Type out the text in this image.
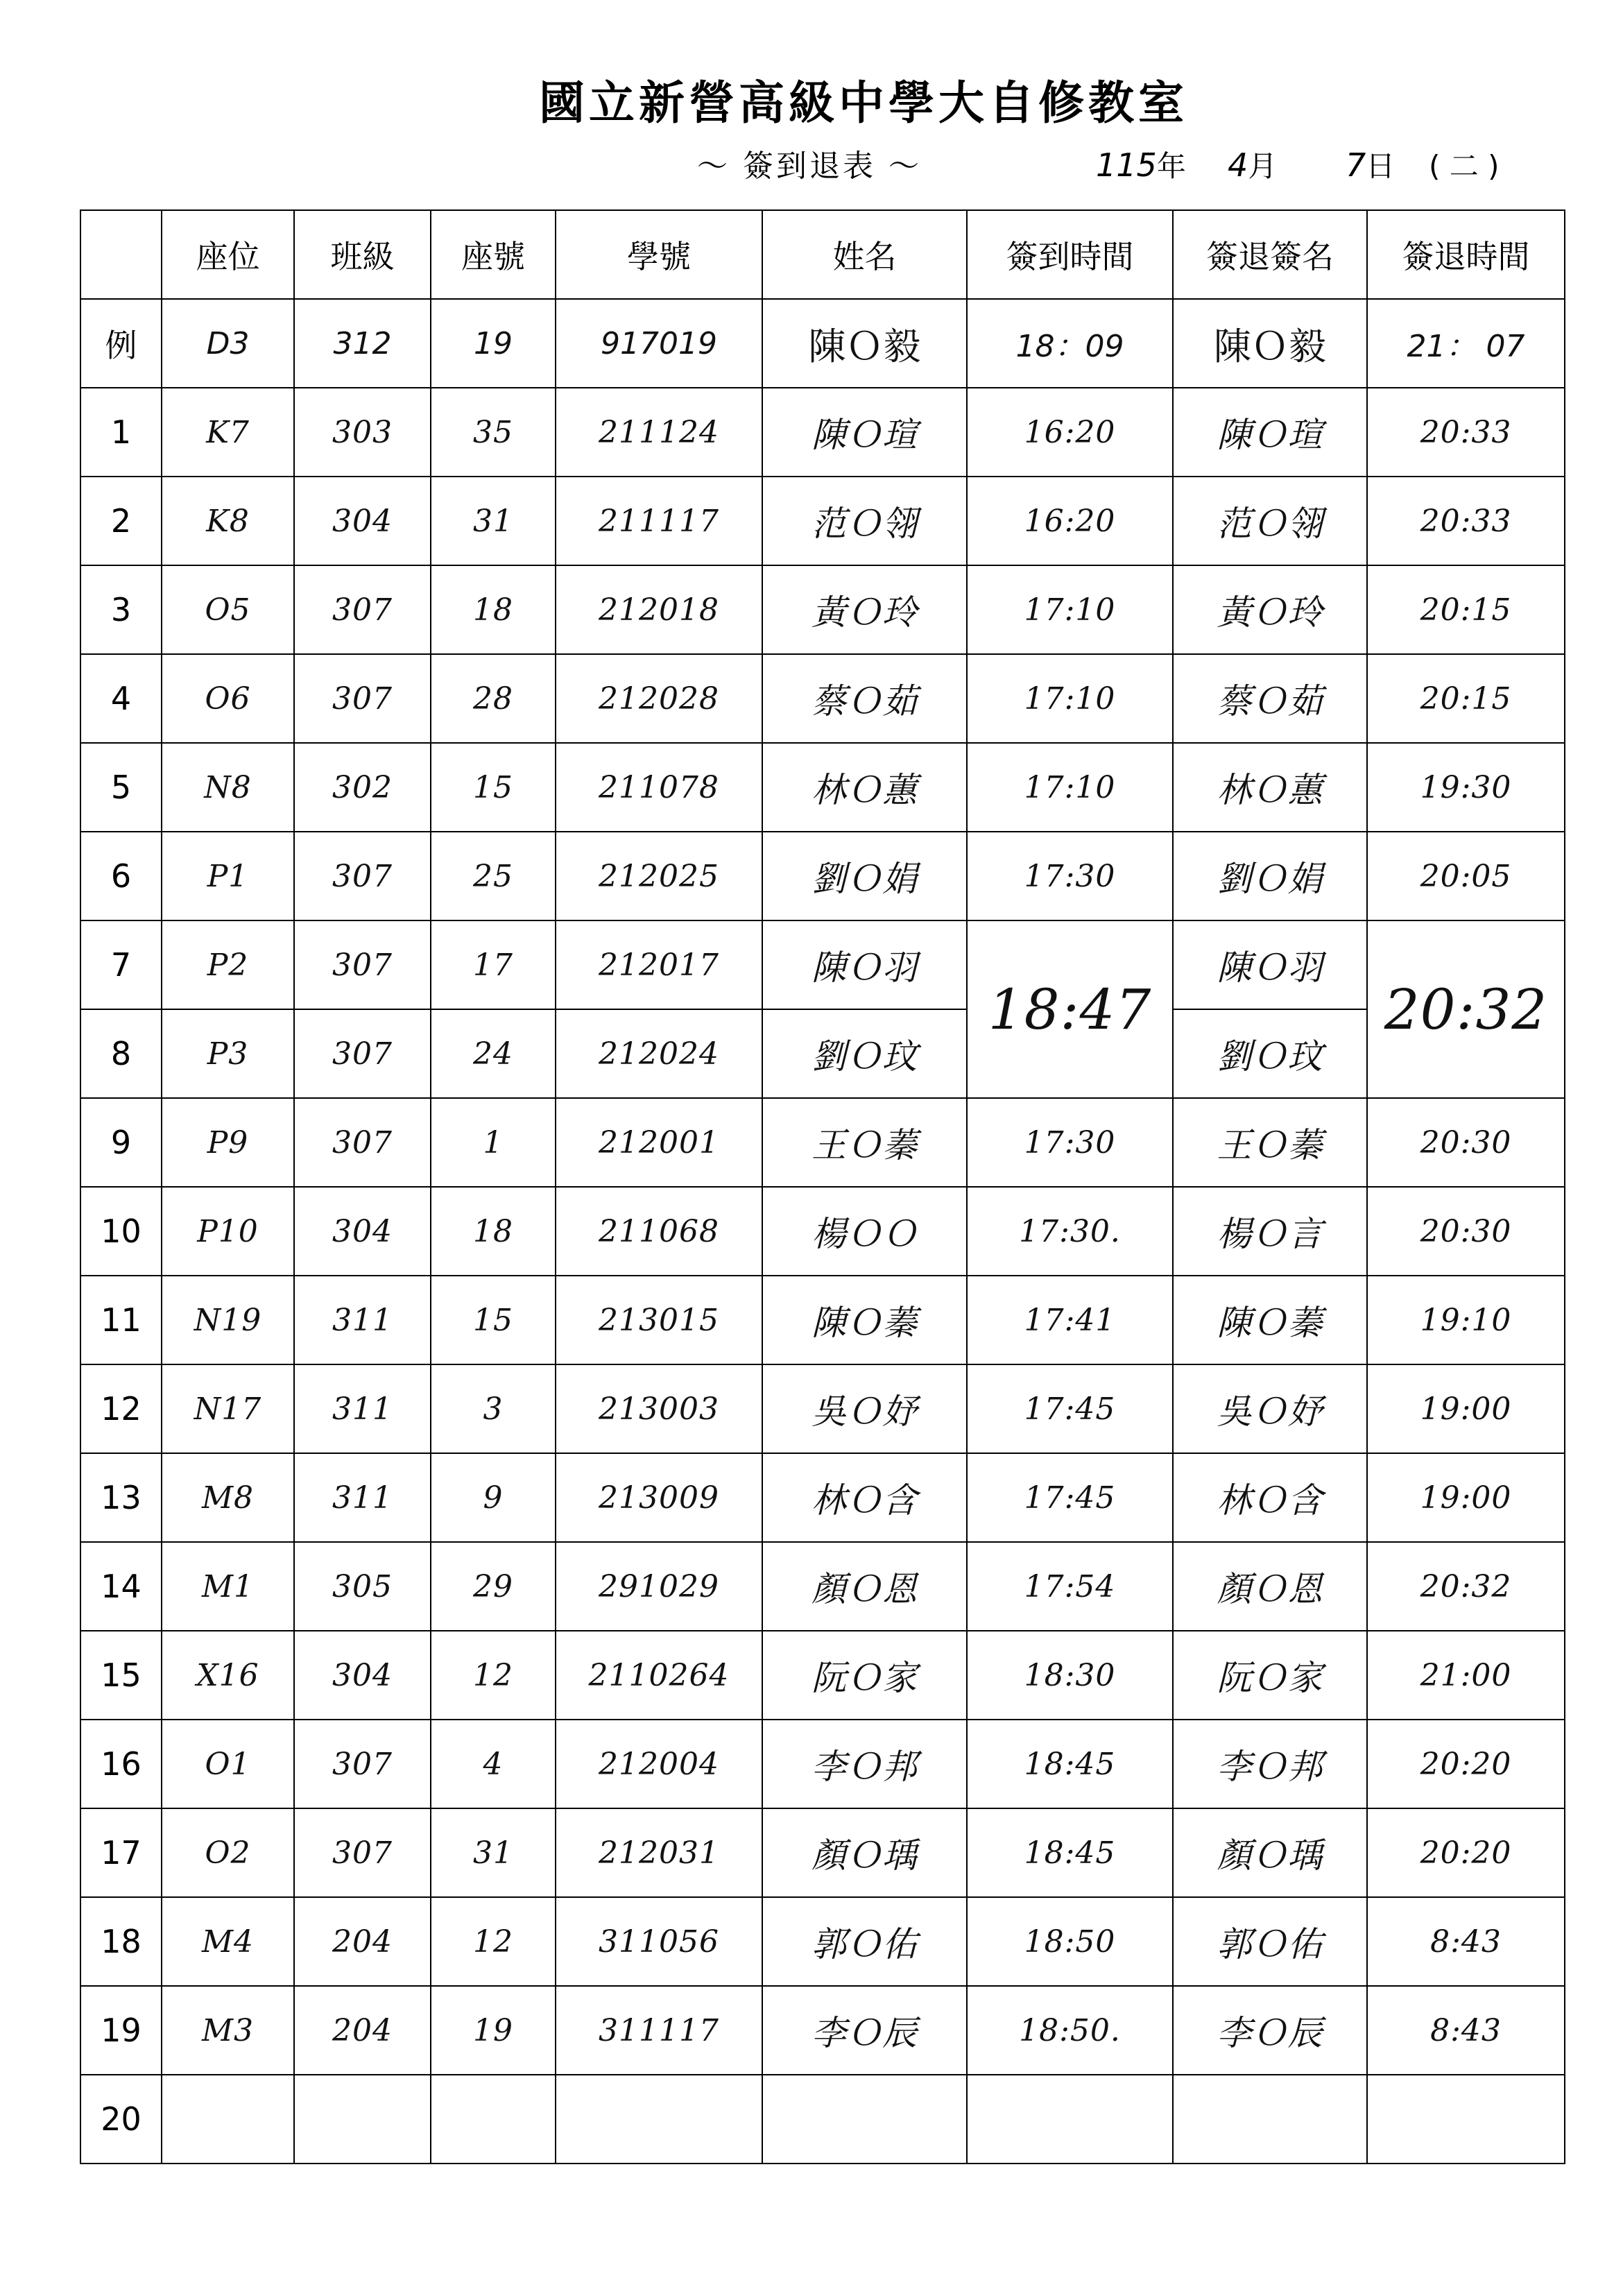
國立新營高級中學大自修教室
～ 簽到退表 ～	115年 4月 7日 ( 二 )
	座位	班級	座號	學號	姓名	簽到時間	簽退簽名	簽退時間
例	D3	312	19	917019	陳Ｏ毅	18：09	陳Ｏ毅	21： 07
1	K7	303	35	211124	陳Ｏ瑄	16:20	陳Ｏ瑄	20:33
2	K8	304	31	211117	范Ｏ翎	16:20	范Ｏ翎	20:33
3	O5	307	18	212018	黃Ｏ玲	17:10	黃Ｏ玲	20:15
4	O6	307	28	212028	蔡Ｏ茹	17:10	蔡Ｏ茹	20:15
5	N8	302	15	211078	林Ｏ蕙	17:10	林Ｏ蕙	19:30
6	P1	307	25	212025	劉Ｏ娟	17:30	劉Ｏ娟	20:05
7	P2	307	17	212017	陳Ｏ羽	18:47	陳Ｏ羽	20:32
8	P3	307	24	212024	劉Ｏ玟		劉Ｏ玟	
9	P9	307	1	212001	王Ｏ蓁	17:30	王Ｏ蓁	20:30
10	P10	304	18	211068	楊ＯＯ	17:30.	楊Ｏ言	20:30
11	N19	311	15	213015	陳Ｏ蓁	17:41	陳Ｏ蓁	19:10
12	N17	311	3	213003	吳Ｏ妤	17:45	吳Ｏ妤	19:00
13	M8	311	9	213009	林Ｏ含	17:45	林Ｏ含	19:00
14	M1	305	29	291029	顏Ｏ恩	17:54	顏Ｏ恩	20:32
15	X16	304	12	2110264	阮Ｏ家	18:30	阮Ｏ家	21:00
16	O1	307	4	212004	李Ｏ邦	18:45	李Ｏ邦	20:20
17	O2	307	31	212031	顏Ｏ瑀	18:45	顏Ｏ瑀	20:20
18	M4	204	12	311056	郭Ｏ佑	18:50	郭Ｏ佑	8:43
19	M3	204	19	311117	李Ｏ辰	18:50.	李Ｏ辰	8:43
20								
